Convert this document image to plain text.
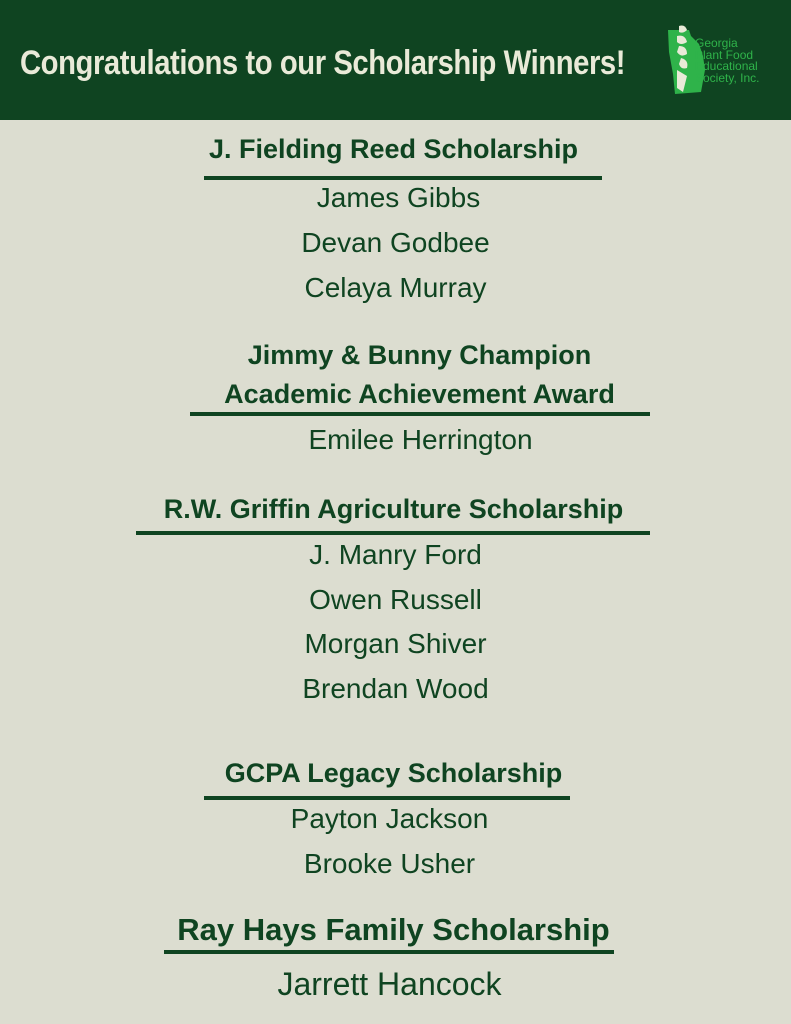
Congratulations to our Scholarship Winners!
Georgia
Plant Food
Educational
Society, Inc.
J. Fielding Reed Scholarship
James Gibbs
Devan Godbee
Celaya Murray
Jimmy & Bunny Champion
Academic Achievement Award
Emilee Herrington
R.W. Griffin Agriculture Scholarship
J. Manry Ford
Owen Russell
Morgan Shiver
Brendan Wood
GCPA Legacy Scholarship
Payton Jackson
Brooke Usher
Ray Hays Family Scholarship
Jarrett Hancock
